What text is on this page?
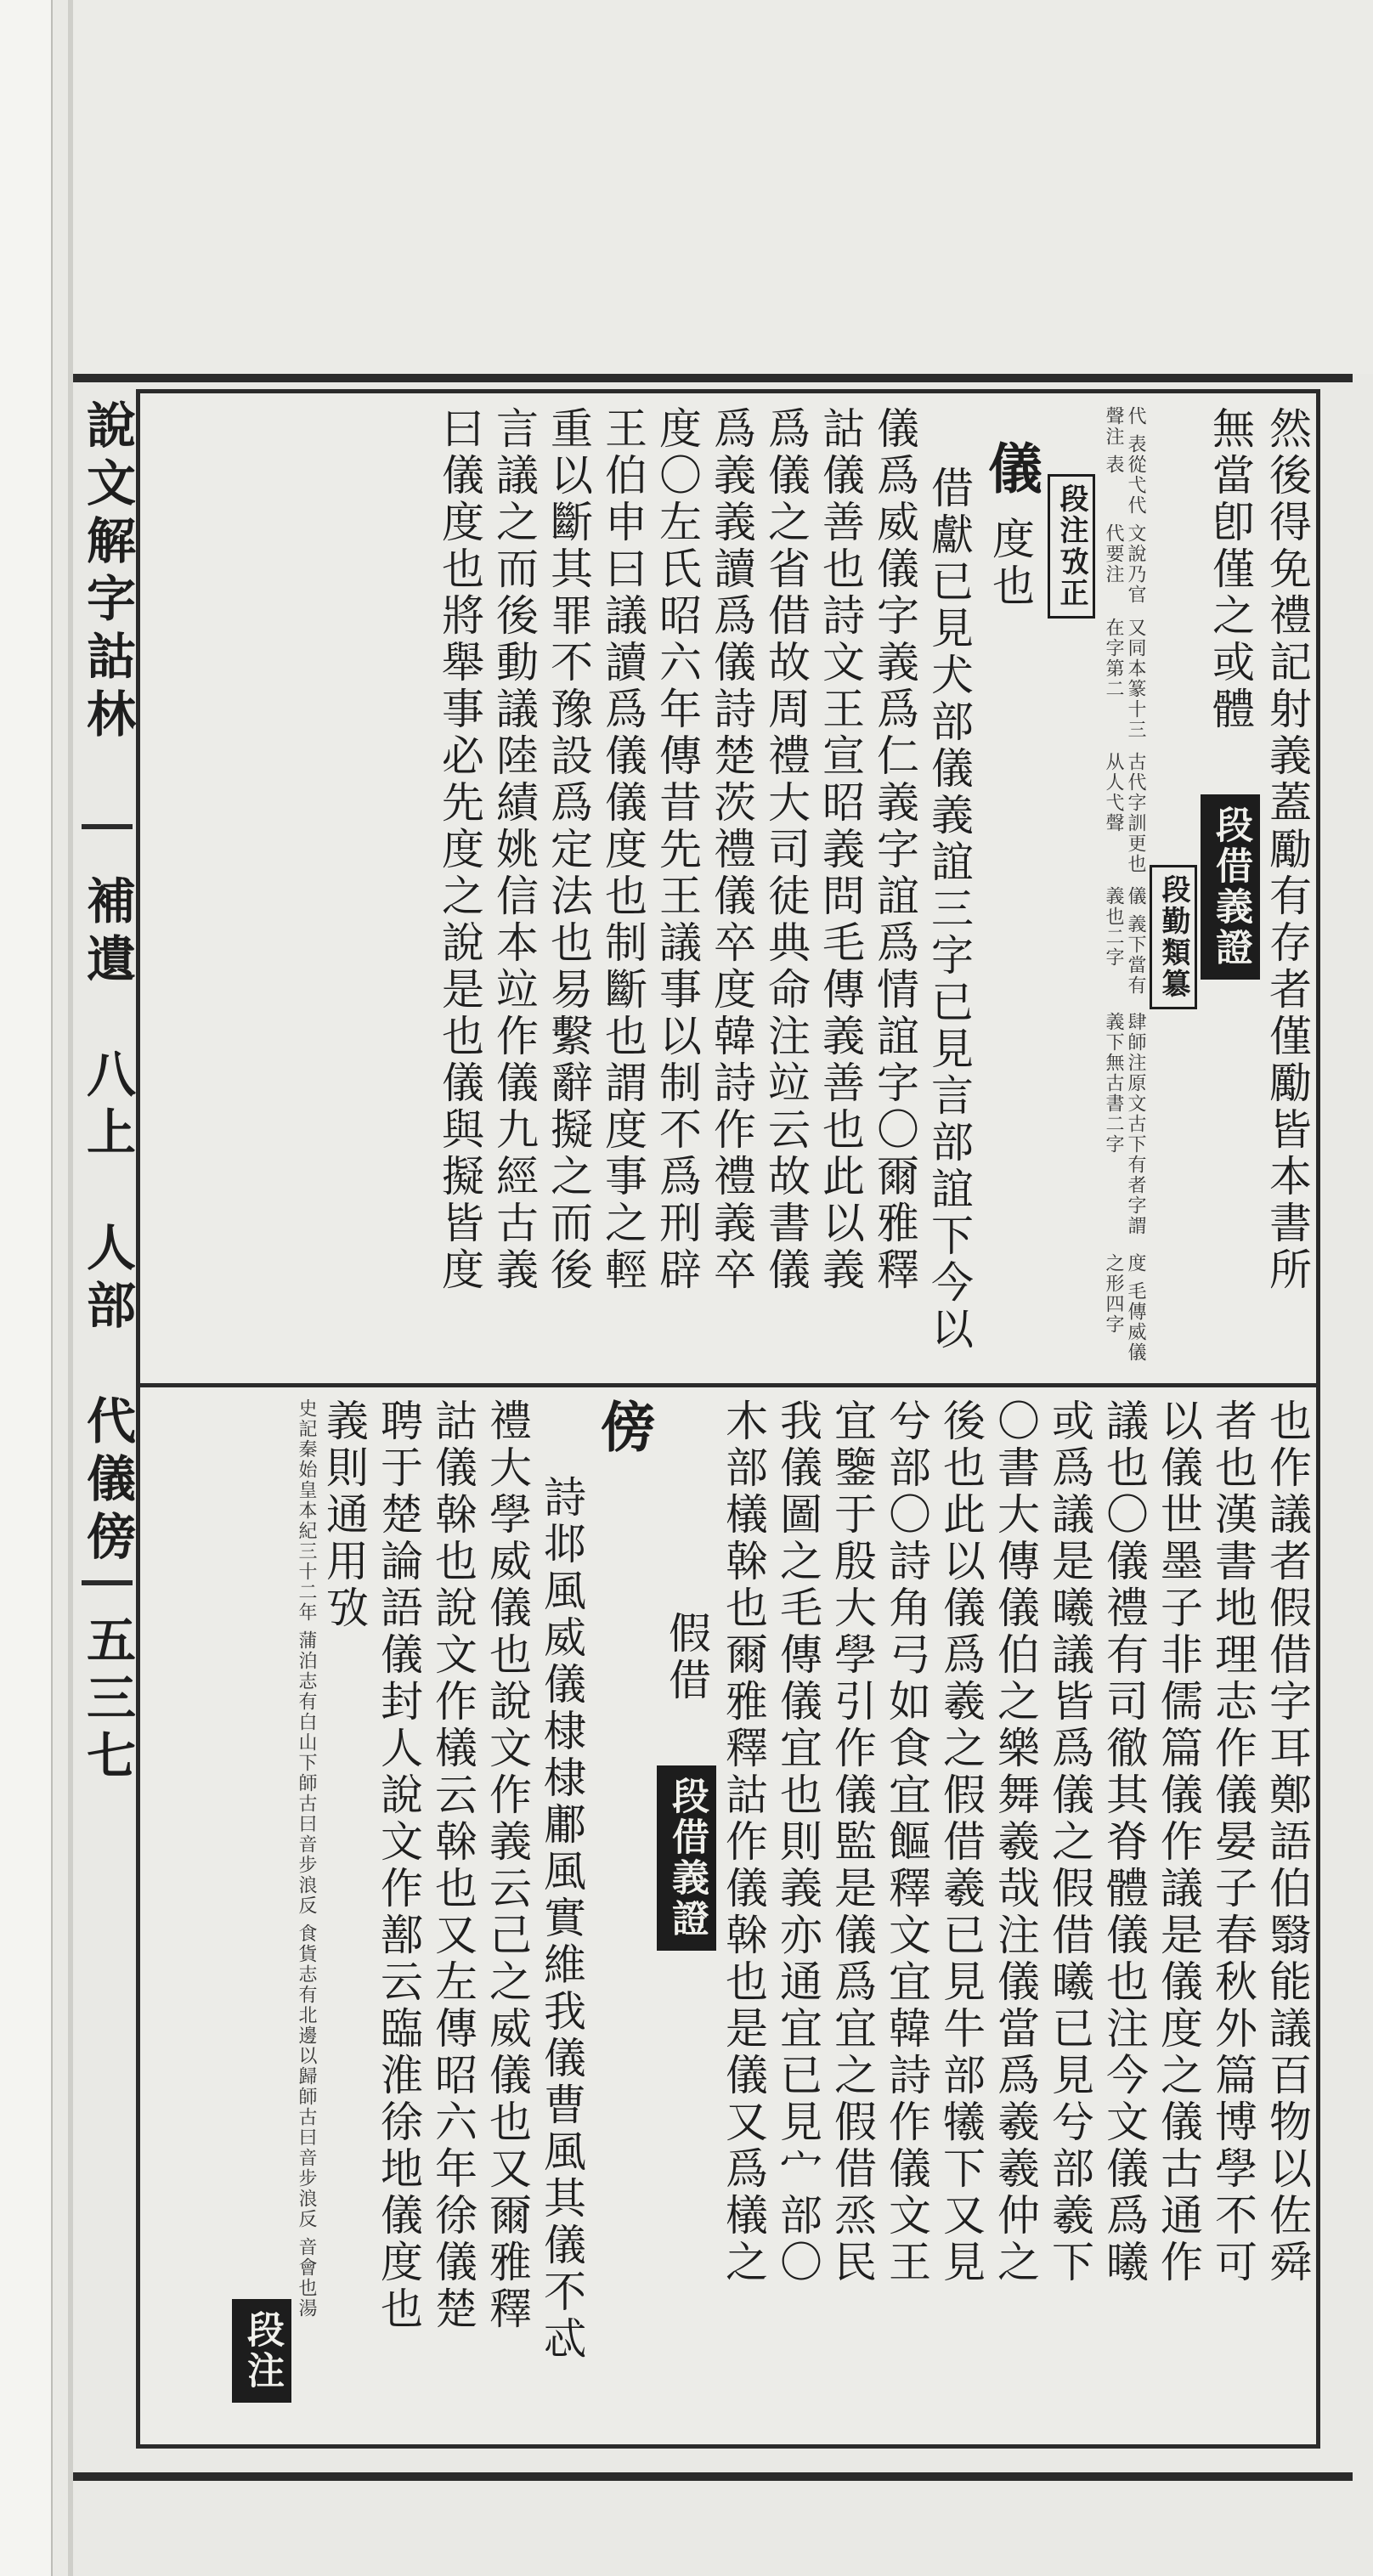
說文解字詁林
補遺　八上　人部　代儀傍
五三七
然後得免禮記射義蓋勵有存者僅勵皆本書所
無當卽僅之或體  段借義證
段勤類簒
代 表從弋代聲注 表
文說乃官代要注
又同本篆十三在字第二
古代字訓更也从人弋聲
儀 義下當有義也二字
肆師注原文古下有者字謂義下無古書二字
度 毛傳威儀之形四字
段注攷正
儀 度也
借獻已見犬部儀義誼三字已見言部誼下今以
儀爲威儀字義爲仁義字誼爲情誼字〇爾雅釋
詁儀善也詩文王宣昭義問毛傳義善也此以義
爲儀之省借故周禮大司徒典命注竝云故書儀
爲義義讀爲儀詩楚茨禮儀卒度韓詩作禮義卒
度〇左氏昭六年傳昔先王議事以制不爲刑辟
王伯申曰議讀爲儀儀度也制斷也謂度事之輕
重以斷其罪不豫設爲定法也易繫辭擬之而後
言議之而後動議陸績姚信本竝作儀九經古義
曰儀度也將舉事必先度之說是也儀與擬皆度
也作議者假借字耳鄭語伯翳能議百物以佐舜
者也漢書地理志作儀晏子春秋外篇博學不可
以儀世墨子非儒篇儀作議是儀度之儀古通作
議也〇儀禮有司徹其脊體儀也注今文儀爲曦
或爲議是曦議皆爲儀之假借曦已見兮部羲下
〇書大傳儀伯之樂舞羲哉注儀當爲羲羲仲之
後也此以儀爲羲之假借羲已見牛部犧下又見
兮部〇詩角弓如食宜饇釋文宜韓詩作儀文王
宜鑒于殷大學引作儀監是儀爲宜之假借烝民
我儀圖之毛傳儀宜也則義亦通宜已見宀部〇
木部檥榦也爾雅釋詁作儀榦也是儀又爲檥之
假借  段借義證
傍
詩邶風威儀棣棣鄘風實維我儀曹風其儀不忒
禮大學威儀也說文作義云己之威儀也又爾雅釋
詁儀榦也說文作檥云榦也又左傳昭六年徐儀楚
聘于楚論語儀封人說文作鄯云臨淮徐地儀度也
義則通用攷
史記秦始皇本紀三十二年 蒲泊志有白山下師古曰音步
浪反 食貨志有北邊以歸師古曰音步浪反 音會也湯
段注
